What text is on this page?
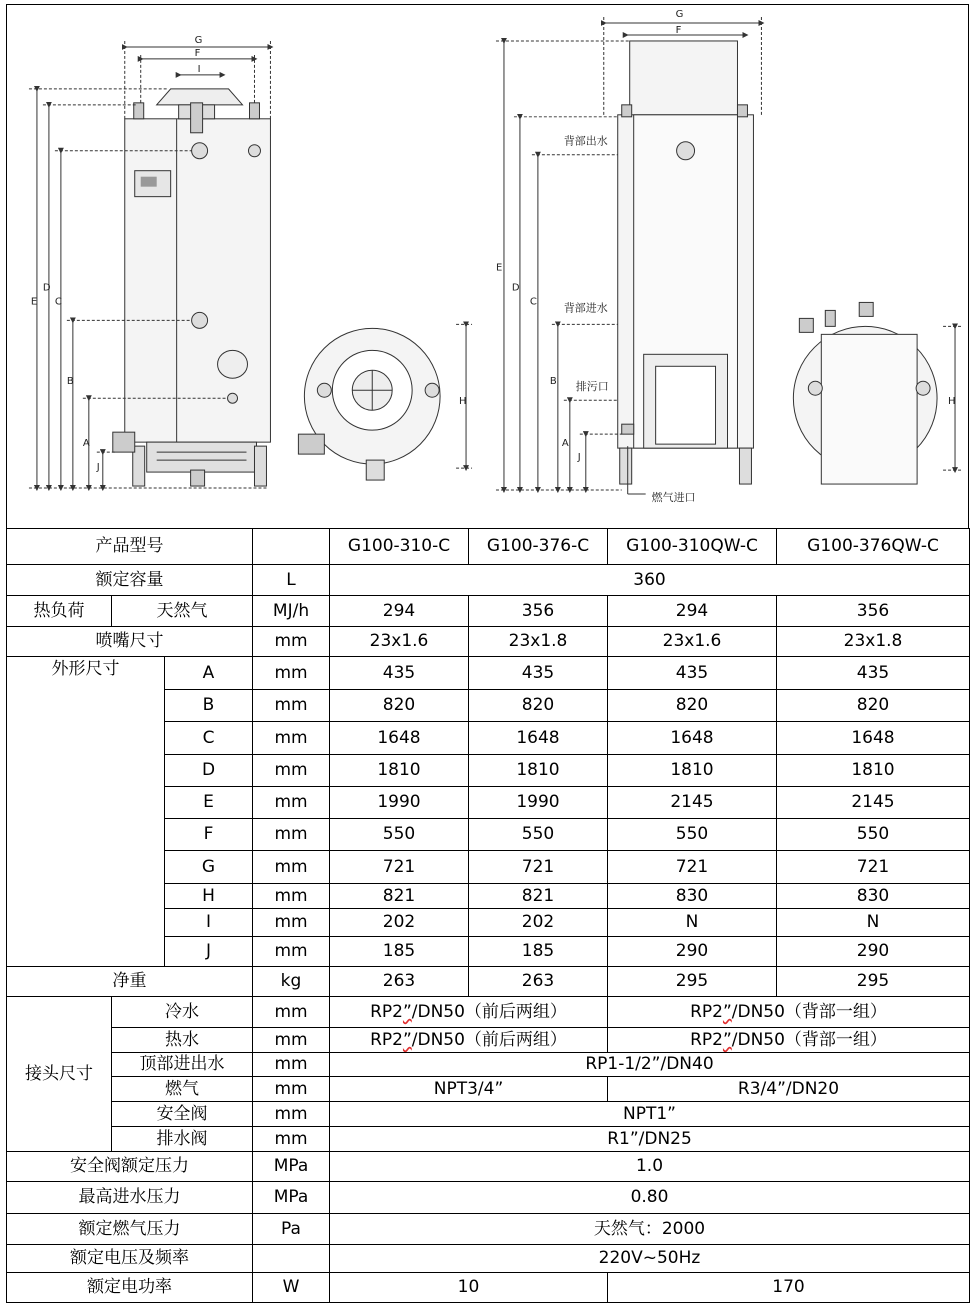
E
D
C
B
A
J
G
F
I
H
E
D
C
B
A
J
G
F
背部出水
背部进水
排污口
燃气进口
H
产品型号				G100-310-C	G100-376-C	G100-310QW-C	G100-376QW-C
额定容量			L	360			
热负荷	天然气		MJ/h	294	356	294	356
喷嘴尺寸			mm	23x1.6	23x1.8	23x1.6	23x1.8
外形尺寸		A	mm	435	435	435	435
		B	mm	820	820	820	820
		C	mm	1648	1648	1648	1648
		D	mm	1810	1810	1810	1810
		E	mm	1990	1990	2145	2145
		F	mm	550	550	550	550
		G	mm	721	721	721	721
		H	mm	821	821	830	830
		I	mm	202	202	N	N
		J	mm	185	185	290	290
净重			kg	263	263	295	295
接头尺寸	冷水		mm	RP2”/DN50（前后两组）		RP2”/DN50（背部一组）	
	热水		mm	RP2”/DN50（前后两组）		RP2”/DN50（背部一组）	
	顶部进出水		mm	RP1-1/2”/DN40			
	燃气		mm	NPT3/4”		R3/4”/DN20	
	安全阀		mm	NPT1”			
	排水阀		mm	R1”/DN25			
安全阀额定压力			MPa	1.0			
最高进水压力			MPa	0.80			
额定燃气压力			Pa	天然气：2000			
额定电压及频率				220V~50Hz			
额定电功率			W	10		170	
